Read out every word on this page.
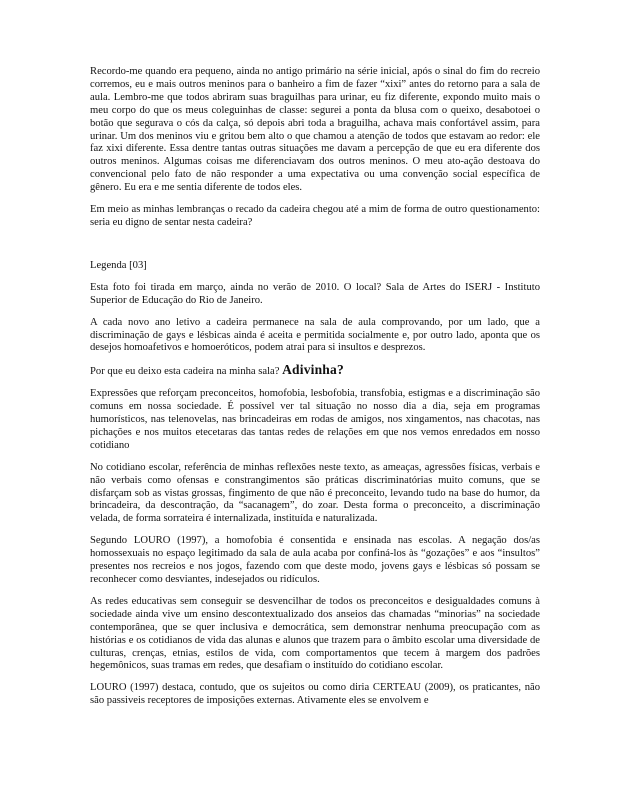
Recordo-me quando era pequeno, ainda no antigo primário na série inicial, após o sinal do fim do recreio corremos, eu e mais outros meninos para o banheiro a fim de fazer “xixi” antes do retorno para a sala de aula. Lembro-me que todos abriram suas braguilhas para urinar, eu fiz diferente, expondo muito mais o meu corpo do que os meus coleguinhas de classe: segurei a ponta da blusa com o queixo, desabotoei o botão que segurava o cós da calça, só depois abri toda a braguilha, achava mais confortável assim, para urinar. Um dos meninos viu e gritou bem alto o que chamou a atenção de todos que estavam ao redor: ele faz xixi diferente. Essa dentre tantas outras situações me davam a percepção de que eu era diferente dos outros meninos. Algumas coisas me diferenciavam dos outros meninos. O meu ato-ação destoava do convencional pelo fato de não responder a uma expectativa ou uma convenção social específica de gênero. Eu era e me sentia diferente de todos eles.

Em meio as minhas lembranças o recado da cadeira chegou até a mim de forma de outro questionamento: seria eu digno de sentar nesta cadeira?

Legenda [03]

Esta foto foi tirada em março, ainda no verão de 2010. O local? Sala de Artes do ISERJ - Instituto Superior de Educação do Rio de Janeiro.

A cada novo ano letivo a cadeira permanece na sala de aula comprovando, por um lado, que a discriminação de gays e lésbicas ainda é aceita e permitida socialmente e, por outro lado, aponta que os desejos homoafetivos e homoeróticos, podem atrai para si insultos e desprezos.

Por que eu deixo esta cadeira na minha sala? Adivinha?

Expressões que reforçam preconceitos, homofobia, lesbofobia, transfobia, estigmas e a discriminação são comuns em nossa sociedade. É possível ver tal situação no nosso dia a dia, seja em programas humorísticos, nas telenovelas, nas brincadeiras em rodas de amigos, nos xingamentos, nas chacotas, nas pichações e nos muitos etecetaras das tantas redes de relações em que nos vemos enredados em nosso cotidiano

No cotidiano escolar, referência de minhas reflexões neste texto, as ameaças, agressões físicas, verbais e não verbais como ofensas e constrangimentos são práticas discriminatórias muito comuns, que se disfarçam sob as vistas grossas, fingimento de que não é preconceito, levando tudo na base do humor, da brincadeira, da descontração, da “sacanagem”, do zoar. Desta forma o preconceito, a discriminação velada, de forma sorrateira é internalizada, instituída e naturalizada.

Segundo LOURO (1997), a homofobia é consentida e ensinada nas escolas. A negação dos/as homossexuais no espaço legitimado da sala de aula acaba por confiná-los às “gozações” e aos “insultos” presentes nos recreios e nos jogos, fazendo com que deste modo, jovens gays e lésbicas só possam se reconhecer como desviantes, indesejados ou ridículos.

As redes educativas sem conseguir se desvencilhar de todos os preconceitos e desigualdades comuns à sociedade ainda vive um ensino descontextualizado dos anseios das chamadas “minorias” na sociedade contemporânea, que se quer inclusiva e democrática, sem demonstrar nenhuma preocupação com as histórias e os cotidianos de vida das alunas e alunos que trazem para o âmbito escolar uma diversidade de culturas, crenças, etnias, estilos de vida, com comportamentos que tecem à margem dos padrões hegemônicos, suas tramas em redes, que desafiam o instituído do cotidiano escolar.

LOURO (1997) destaca, contudo, que os sujeitos ou como diria CERTEAU (2009), os praticantes, não são passiveis receptores de imposições externas. Ativamente eles se envolvem e
